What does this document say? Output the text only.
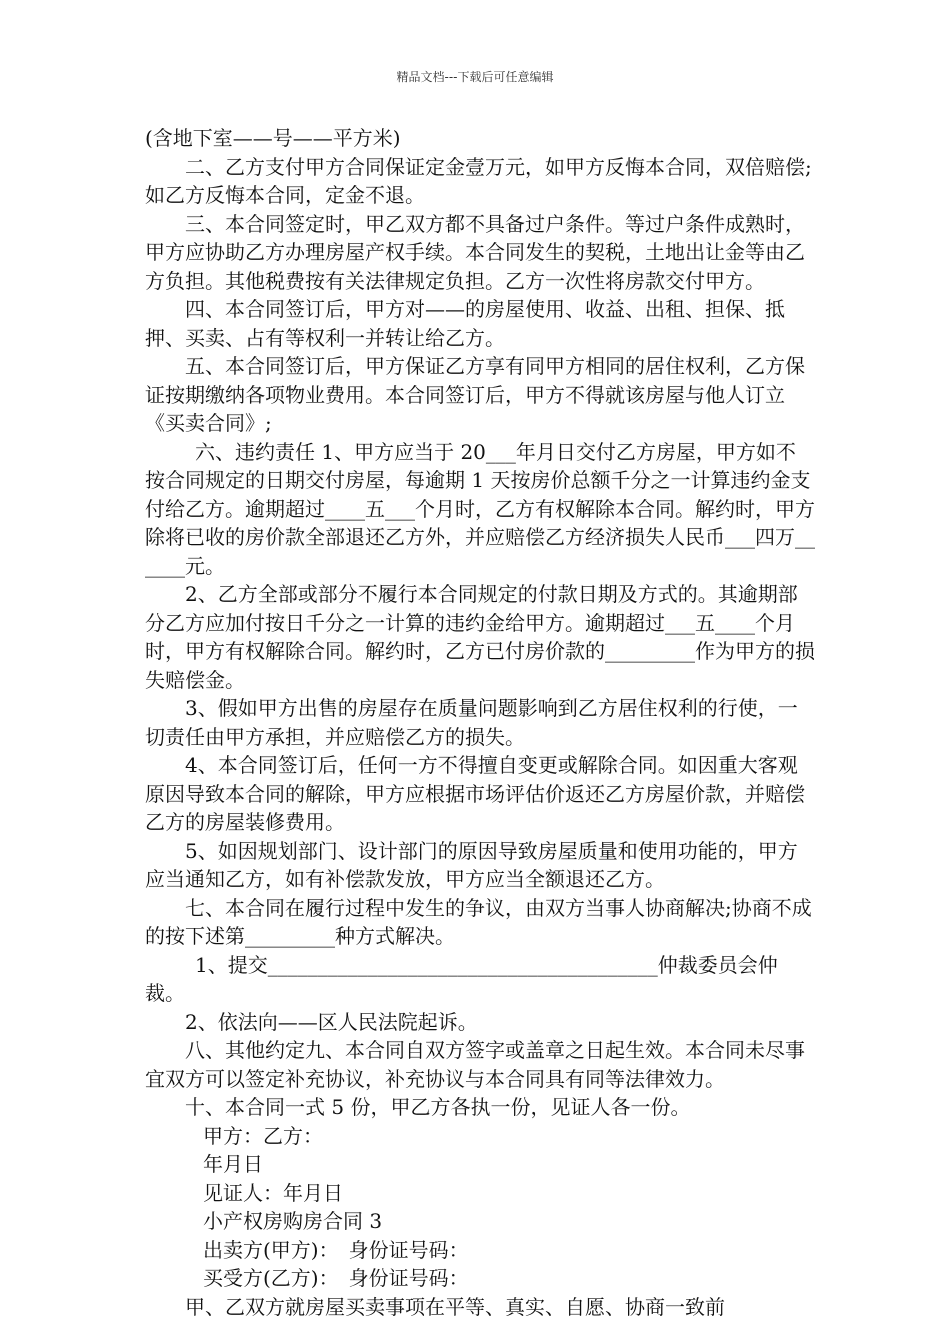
精品文档---下载后可任意编辑

(含地下室——号——平方米)

二、乙方支付甲方合同保证定金壹万元，如甲方反悔本合同，双倍赔偿;如乙方反悔本合同，定金不退。

三、本合同签定时，甲乙双方都不具备过户条件。等过户条件成熟时，甲方应协助乙方办理房屋产权手续。本合同发生的契税，土地出让金等由乙方负担。其他税费按有关法律规定负担。乙方一次性将房款交付甲方。

四、本合同签订后，甲方对——的房屋使用、收益、出租、担保、抵押、买卖、占有等权利一并转让给乙方。

五、本合同签订后，甲方保证乙方享有同甲方相同的居住权利，乙方保证按期缴纳各项物业费用。本合同签订后，甲方不得就该房屋与他人订立《买卖合同》;

六、违约责任 1、甲方应当于 20___年月日交付乙方房屋，甲方如不按合同规定的日期交付房屋，每逾期 1 天按房价总额千分之一计算违约金支付给乙方。逾期超过____五___个月时，乙方有权解除本合同。解约时，甲方除将已收的房价款全部退还乙方外，并应赔偿乙方经济损失人民币___四万______元。

2、乙方全部或部分不履行本合同规定的付款日期及方式的。其逾期部分乙方应加付按日千分之一计算的违约金给甲方。逾期超过___五____个月时，甲方有权解除合同。解约时，乙方已付房价款的_________作为甲方的损失赔偿金。

3、假如甲方出售的房屋存在质量问题影响到乙方居住权利的行使，一切责任由甲方承担，并应赔偿乙方的损失。

4、本合同签订后，任何一方不得擅自变更或解除合同。如因重大客观原因导致本合同的解除，甲方应根据市场评估价返还乙方房屋价款，并赔偿乙方的房屋装修费用。

5、如因规划部门、设计部门的原因导致房屋质量和使用功能的，甲方应当通知乙方，如有补偿款发放，甲方应当全额退还乙方。

七、本合同在履行过程中发生的争议，由双方当事人协商解决;协商不成的按下述第_________种方式解决。

1、提交_______________________________________仲裁委员会仲裁。

2、依法向——区人民法院起诉。

八、其他约定九、本合同自双方签字或盖章之日起生效。本合同未尽事宜双方可以签定补充协议，补充协议与本合同具有同等法律效力。

十、本合同一式 5 份，甲乙方各执一份，见证人各一份。

甲方：乙方：

年月日

见证人：年月日

小产权房购房合同 3

出卖方(甲方)：　身份证号码：

买受方(乙方)：　身份证号码：

甲、乙双方就房屋买卖事项在平等、真实、自愿、协商一致前
